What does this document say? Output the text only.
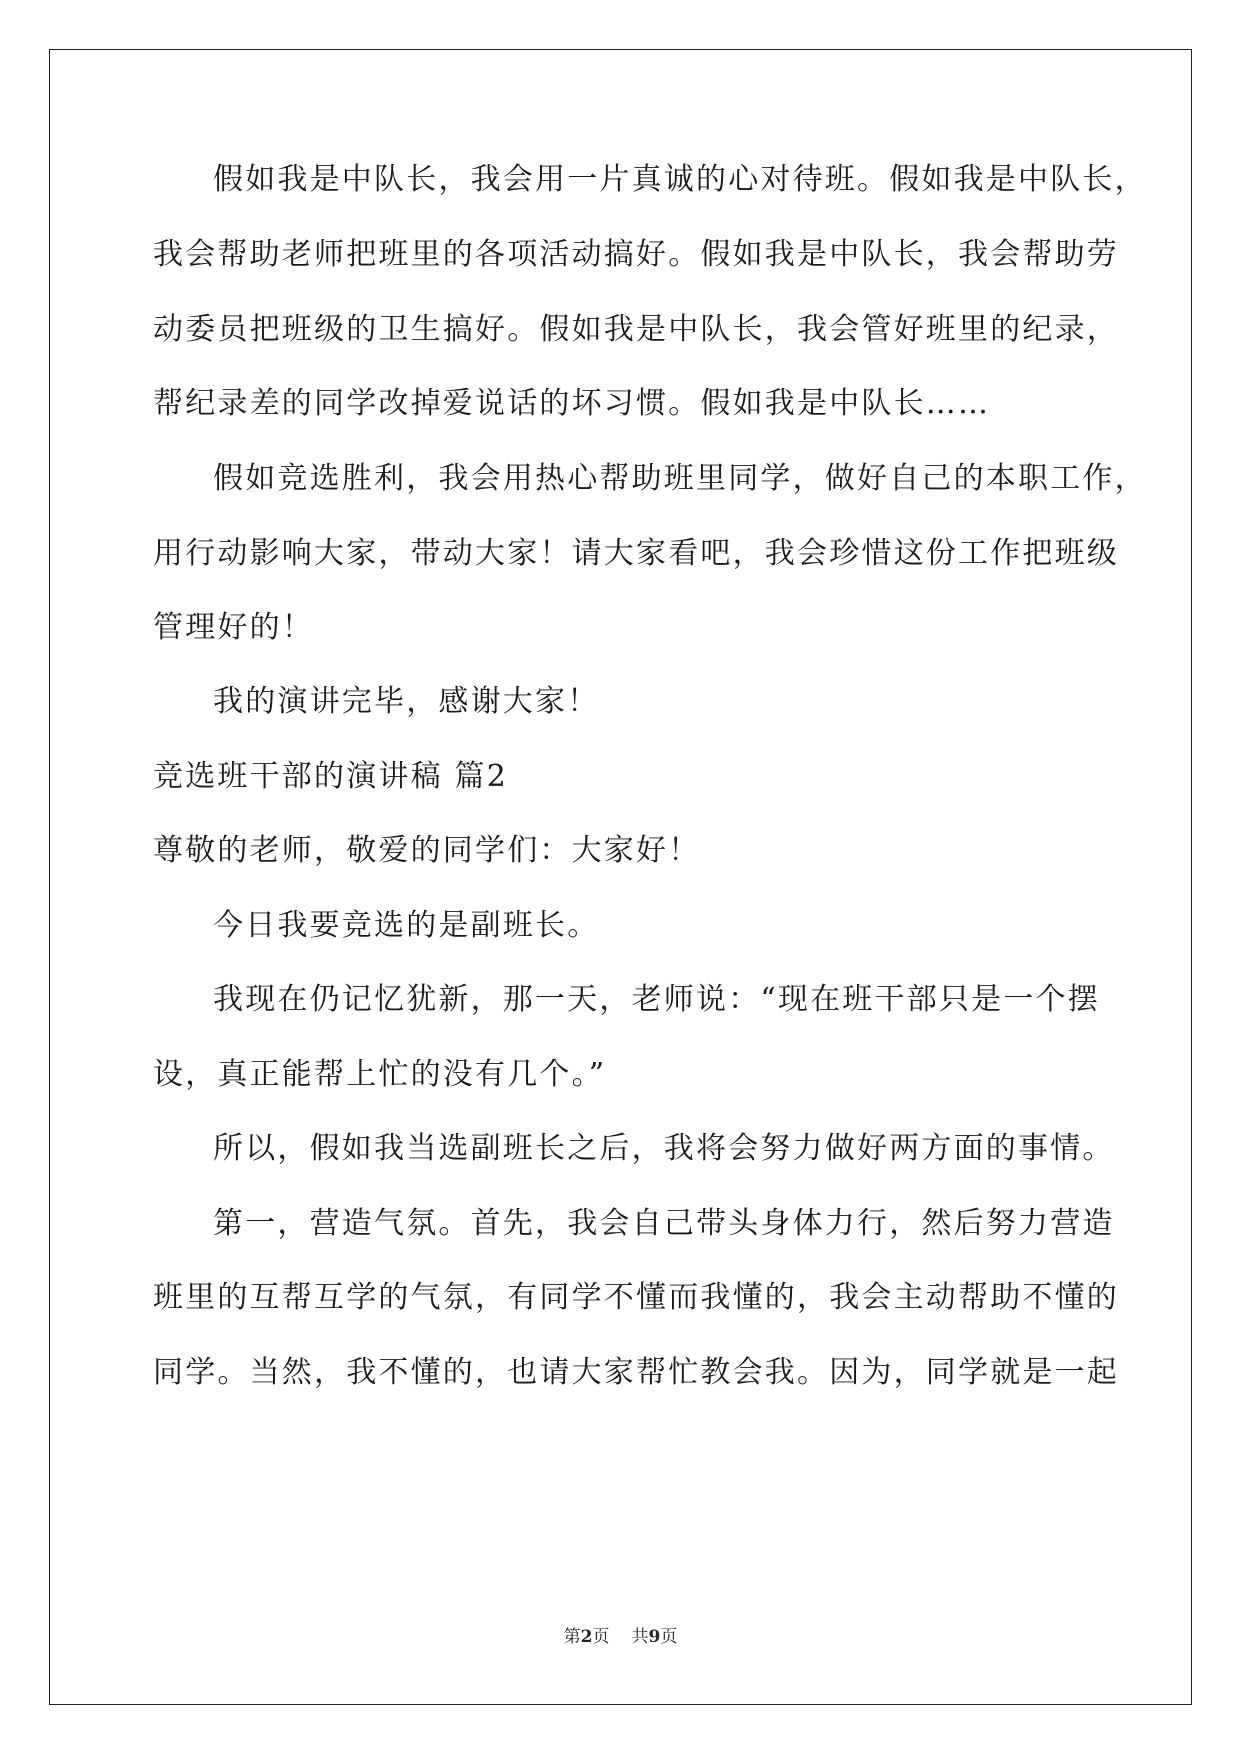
假如我是中队长，我会用一片真诚的心对待班。假如我是中队长，
我会帮助老师把班里的各项活动搞好。假如我是中队长，我会帮助劳
动委员把班级的卫生搞好。假如我是中队长，我会管好班里的纪录，
帮纪录差的同学改掉爱说话的坏习惯。假如我是中队长……
假如竞选胜利，我会用热心帮助班里同学，做好自己的本职工作，
用行动影响大家，带动大家！请大家看吧，我会珍惜这份工作把班级
管理好的！
我的演讲完毕，感谢大家！
竞选班干部的演讲稿 篇2
尊敬的老师，敬爱的同学们：大家好！
今日我要竞选的是副班长。
我现在仍记忆犹新，那一天，老师说：“现在班干部只是一个摆
设，真正能帮上忙的没有几个。”
所以，假如我当选副班长之后，我将会努力做好两方面的事情。
第一，营造气氛。首先，我会自己带头身体力行，然后努力营造
班里的互帮互学的气氛，有同学不懂而我懂的，我会主动帮助不懂的
同学。当然，我不懂的，也请大家帮忙教会我。因为，同学就是一起
第2页 共9页
